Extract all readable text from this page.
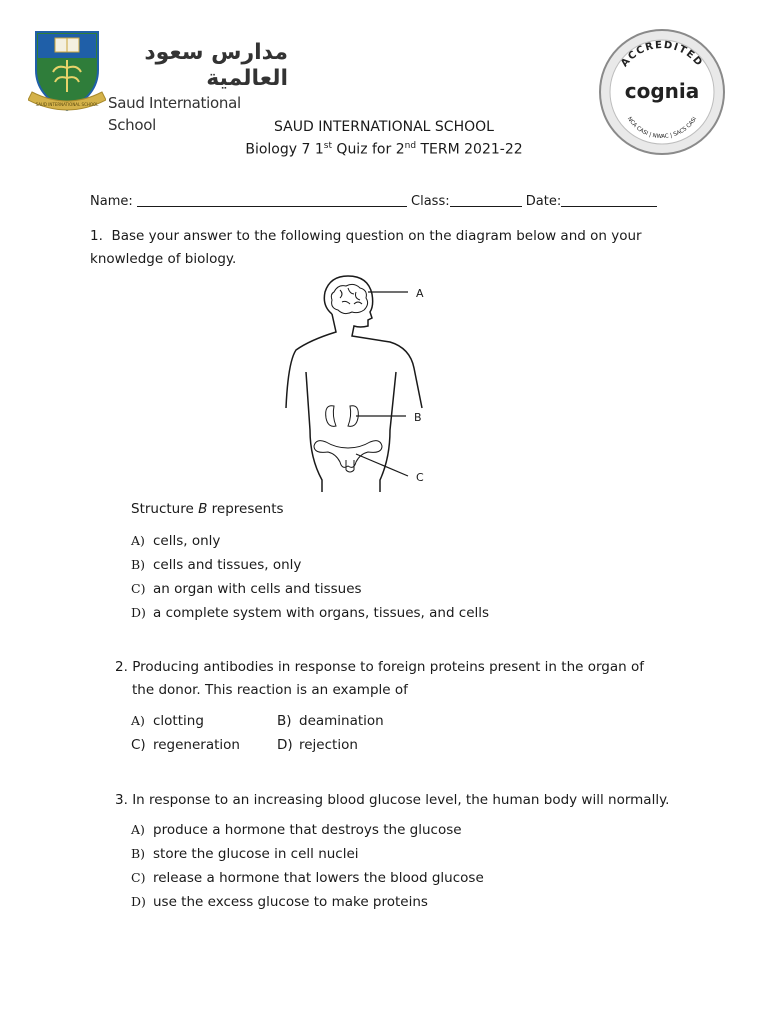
SAUD INTERNATIONAL SCHOOL
مدارس سعود العالمية
Saud International School
ACCREDITED
cognia
NCA CASI | NWAC | SACS CASI
SAUD INTERNATIONAL SCHOOL
Biology 7 1st Quiz for 2nd TERM 2021-22
Name:	Class:	Date:
1. Base your answer to the following question on the diagram below and on your
knowledge of biology.
A
B
C
Structure B represents
A) cells, only
B) cells and tissues, only
C) an organ with cells and tissues
D) a complete system with organs, tissues, and cells
2. Producing antibodies in response to foreign proteins present in the organ of
the donor. This reaction is an example of
A) clotting	B) deamination
C) regeneration	D) rejection
3. In response to an increasing blood glucose level, the human body will normally.
A) produce a hormone that destroys the glucose
B) store the glucose in cell nuclei
C) release a hormone that lowers the blood glucose
D) use the excess glucose to make proteins
